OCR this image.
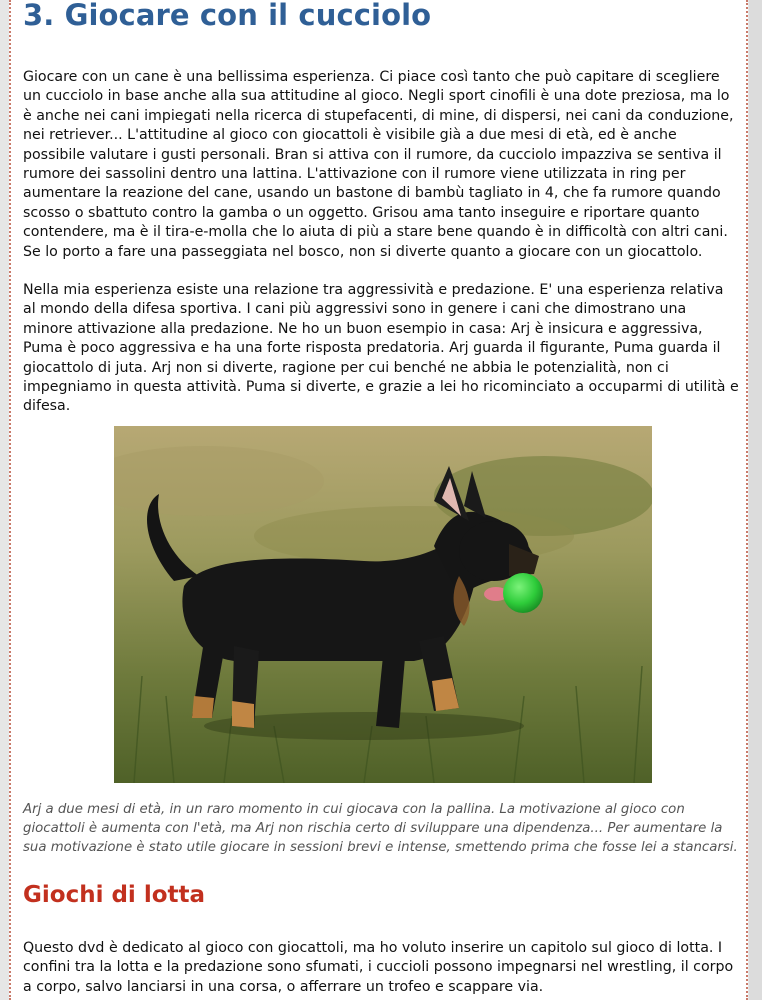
3. Giocare con il cucciolo

Giocare con un cane è una bellissima esperienza. Ci piace così tanto che può capitare di scegliere un cucciolo in base anche alla sua attitudine al gioco. Negli sport cinofili è una dote preziosa, ma lo è anche nei cani impiegati nella ricerca di stupefacenti, di mine, di dispersi, nei cani da conduzione, nei retriever... L'attitudine al gioco con giocattoli è visibile già a due mesi di età, ed è anche possibile valutare i gusti personali. Bran si attiva con il rumore, da cucciolo impazziva se sentiva il rumore dei sassolini dentro una lattina. L'attivazione con il rumore viene utilizzata in ring per aumentare la reazione del cane, usando un bastone di bambù tagliato in 4, che fa rumore quando scosso o sbattuto contro la gamba o un oggetto. Grisou ama tanto inseguire e riportare quanto contendere, ma è il tira-e-molla che lo aiuta di più a stare bene quando è in difficoltà con altri cani. Se lo porto a fare una passeggiata nel bosco, non si diverte quanto a giocare con un giocattolo.

Nella mia esperienza esiste una relazione tra aggressività e predazione. E' una esperienza relativa al mondo della difesa sportiva. I cani più aggressivi sono in genere i cani che dimostrano una minore attivazione alla predazione. Ne ho un buon esempio in casa: Arj è insicura e aggressiva, Puma è poco aggressiva e ha una forte risposta predatoria. Arj guarda il figurante, Puma guarda il giocattolo di juta. Arj non si diverte, ragione per cui benché ne abbia le potenzialità, non ci impegniamo in questa attività. Puma si diverte, e grazie a lei ho ricominciato a occuparmi di utilità e difesa.

Arj a due mesi di età, in un raro momento in cui giocava con la pallina. La motivazione al gioco con giocattoli è aumenta con l'età, ma Arj non rischia certo di sviluppare una dipendenza... Per aumentare la sua motivazione è stato utile giocare in sessioni brevi e intense, smettendo prima che fosse lei a stancarsi.

Giochi di lotta

Questo dvd è dedicato al gioco con giocattoli, ma ho voluto inserire un capitolo sul gioco di lotta. I confini tra la lotta e la predazione sono sfumati, i cuccioli possono impegnarsi nel wrestling, il corpo a corpo, salvo lanciarsi in una corsa, o afferrare un trofeo e scappare via.
